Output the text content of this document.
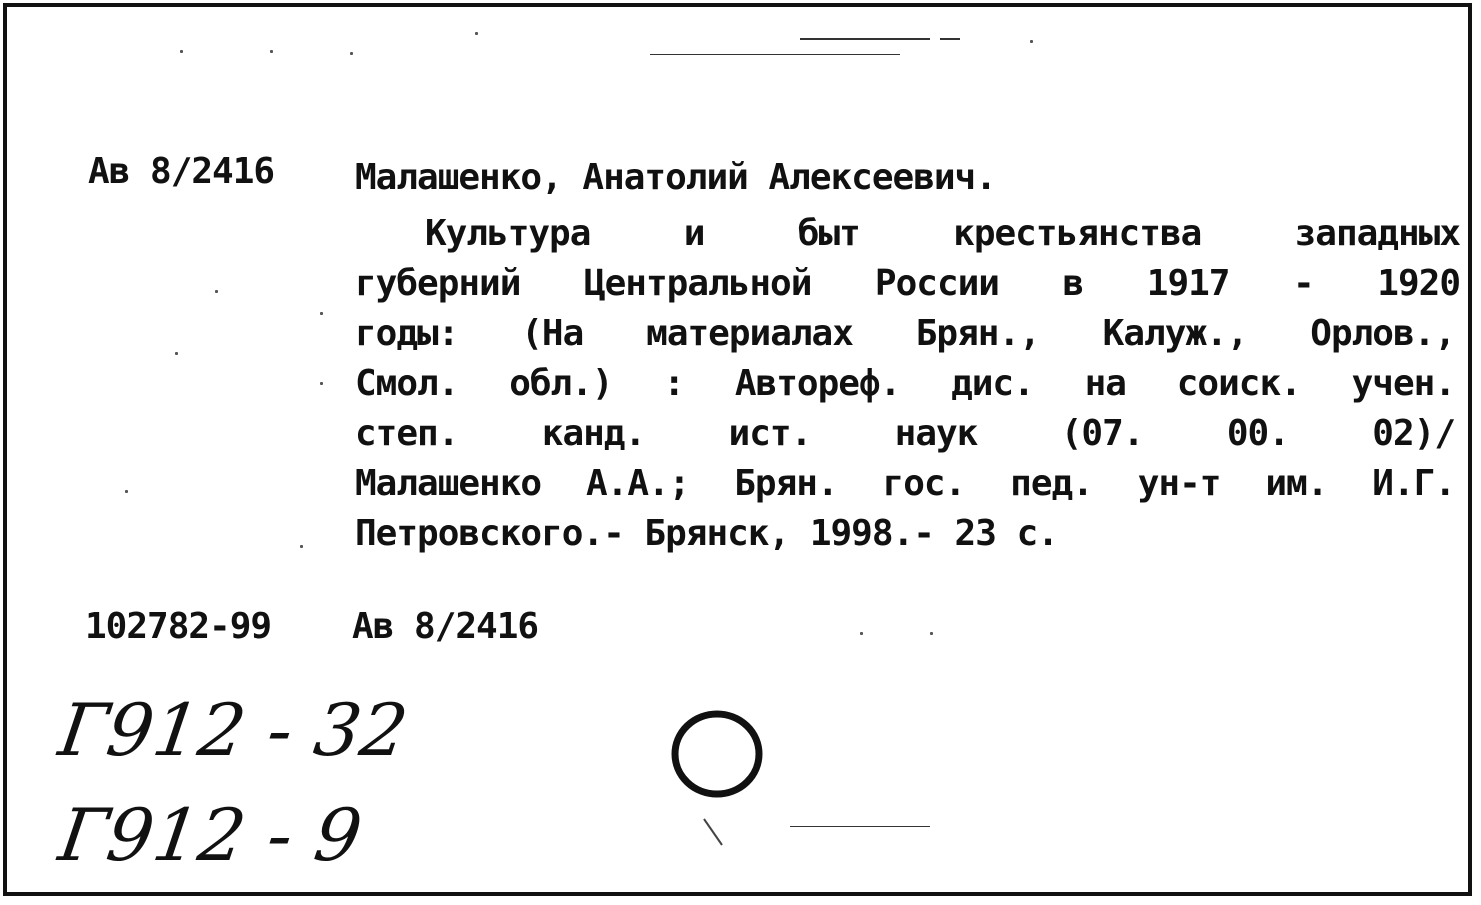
Ав 8/2416 Малашенко, Анатолий Алексеевич.
Культура и быт крестьянства западных
губерний Центральной России в 1917 - 1920
годы: (На материалах Брян., Калуж., Орлов.,
Смол. обл.) : Автореф. дис. на соиск. учен.
степ. канд. ист. наук (07. 00. 02)/
Малашенко А.А.; Брян. гос. пед. ун-т им. И.Г.
Петровского.- Брянск, 1998.- 23 с.
102782-99 Ав 8/2416
Г912 - 32
Г912 - 9
